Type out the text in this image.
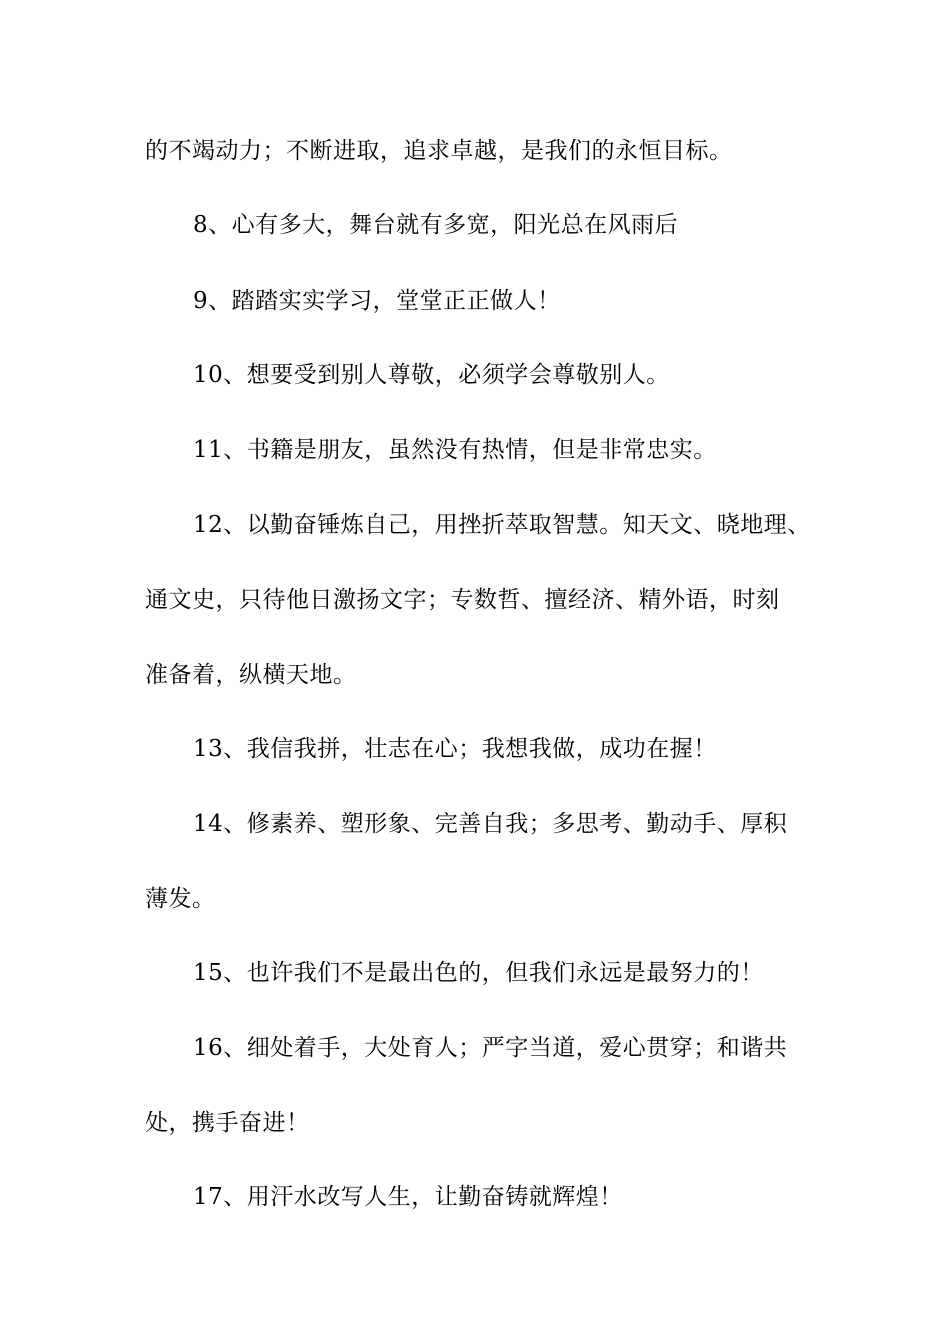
的不竭动力；不断进取，追求卓越，是我们的永恒目标。
8、心有多大，舞台就有多宽，阳光总在风雨后
9、踏踏实实学习，堂堂正正做人！
10、想要受到别人尊敬，必须学会尊敬别人。
11、书籍是朋友，虽然没有热情，但是非常忠实。
12、以勤奋锤炼自己，用挫折萃取智慧。知天文、晓地理、
通文史，只待他日激扬文字；专数哲、擅经济、精外语，时刻
准备着，纵横天地。
13、我信我拼，壮志在心；我想我做，成功在握！
14、修素养、塑形象、完善自我；多思考、勤动手、厚积
薄发。
15、也许我们不是最出色的，但我们永远是最努力的！
16、细处着手，大处育人；严字当道，爱心贯穿；和谐共
处，携手奋进！
17、用汗水改写人生，让勤奋铸就辉煌！
